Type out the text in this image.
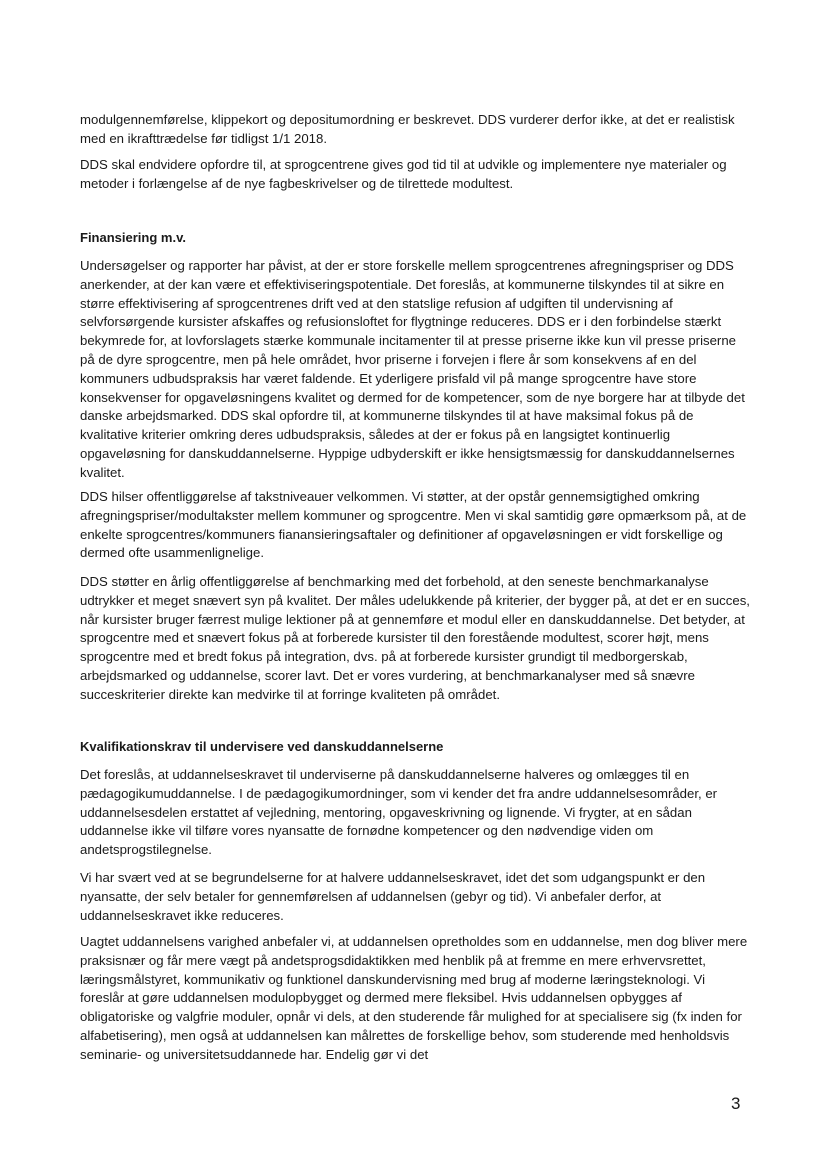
modulgennemførelse, klippekort og depositumordning er beskrevet. DDS vurderer derfor ikke, at det er realistisk med en ikrafttrædelse før tidligst 1/1 2018.

DDS skal endvidere opfordre til, at sprogcentrene gives god tid til at udvikle og implementere nye materialer og metoder i forlængelse af de nye fagbeskrivelser og de tilrettede modultest.

Finansiering m.v.

Undersøgelser og rapporter har påvist, at der er store forskelle mellem sprogcentrenes afregningspriser og DDS anerkender, at der kan være et effektiviseringspotentiale. Det foreslås, at kommunerne tilskyndes til at sikre en større effektivisering af sprogcentrenes drift ved at den statslige refusion af udgiften til undervisning af selvforsørgende kursister afskaffes og refusionsloftet for flygtninge reduceres. DDS er i den forbindelse stærkt bekymrede for, at lovforslagets stærke kommunale incitamenter til at presse priserne ikke kun vil presse priserne på de dyre sprogcentre, men på hele området, hvor priserne i forvejen i flere år som konsekvens af en del kommuners udbudspraksis har været faldende. Et yderligere prisfald vil på mange sprogcentre have store konsekvenser for opgaveløsningens kvalitet og dermed for de kompetencer, som de nye borgere har at tilbyde det danske arbejdsmarked. DDS skal opfordre til, at kommunerne tilskyndes til at have maksimal fokus på de kvalitative kriterier omkring deres udbudspraksis, således at der er fokus på en langsigtet kontinuerlig opgaveløsning for danskuddannelserne. Hyppige udbyderskift er ikke hensigtsmæssig for danskuddannelsernes kvalitet.

DDS hilser offentliggørelse af takstniveauer velkommen. Vi støtter, at der opstår gennemsigtighed omkring afregningspriser/modultakster mellem kommuner og sprogcentre. Men vi skal samtidig gøre opmærksom på, at de enkelte sprogcentres/kommuners fianansieringsaftaler og definitioner af opgaveløsningen er vidt forskellige og dermed ofte usammenlignelige.

DDS støtter en årlig offentliggørelse af benchmarking med det forbehold, at den seneste benchmarkanalyse udtrykker et meget snævert syn på kvalitet. Der måles udelukkende på kriterier, der bygger på, at det er en succes, når kursister bruger færrest mulige lektioner på at gennemføre et modul eller en danskuddannelse. Det betyder, at sprogcentre med et snævert fokus på at forberede kursister til den forestående modultest, scorer højt, mens sprogcentre med et bredt fokus på integration, dvs. på at forberede kursister grundigt til medborgerskab, arbejdsmarked og uddannelse, scorer lavt. Det er vores vurdering, at benchmarkanalyser med så snævre succeskriterier direkte kan medvirke til at forringe kvaliteten på området.

Kvalifikationskrav til undervisere ved danskuddannelserne

Det foreslås, at uddannelseskravet til underviserne på danskuddannelserne halveres og omlægges til en pædagogikumuddannelse. I de pædagogikumordninger, som vi kender det fra andre uddannelsesområder, er uddannelsesdelen erstattet af vejledning, mentoring, opgaveskrivning og lignende. Vi frygter, at en sådan uddannelse ikke vil tilføre vores nyansatte de fornødne kompetencer og den nødvendige viden om andetsprogstilegnelse.

Vi har svært ved at se begrundelserne for at halvere uddannelseskravet, idet det som udgangspunkt er den nyansatte, der selv betaler for gennemførelsen af uddannelsen (gebyr og tid). Vi anbefaler derfor, at uddannelseskravet ikke reduceres.

Uagtet uddannelsens varighed anbefaler vi, at uddannelsen opretholdes som en uddannelse, men dog bliver mere praksisnær og får mere vægt på andetsprogsdidaktikken med henblik på at fremme en mere erhvervsrettet, læringsmålstyret, kommunikativ og funktionel danskundervisning med brug af moderne læringsteknologi. Vi foreslår at gøre uddannelsen modulopbygget og dermed mere fleksibel. Hvis uddannelsen opbygges af obligatoriske og valgfrie moduler, opnår vi dels, at den studerende får mulighed for at specialisere sig (fx inden for alfabetisering), men også at uddannelsen kan målrettes de forskellige behov, som studerende med henholdsvis seminarie- og universitetsuddannede har. Endelig gør vi det

3
